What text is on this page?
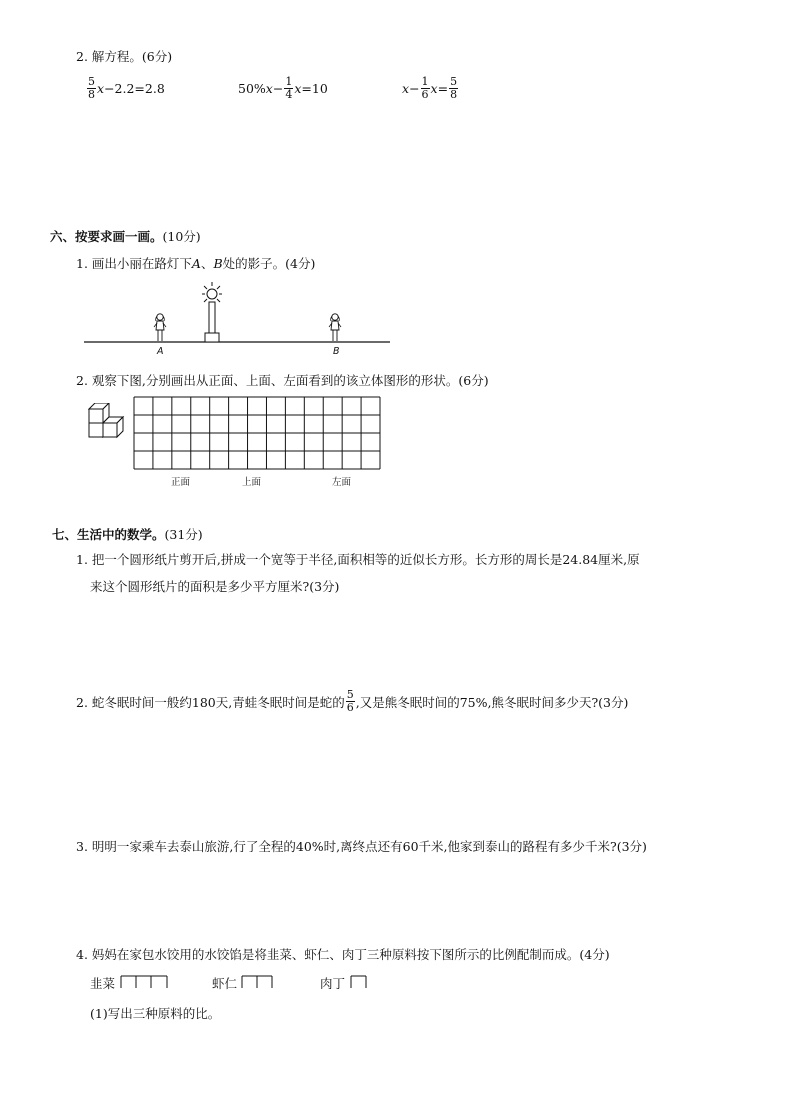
2. 解方程。(6分)
$\frac{5}{8}$ x −2.2=2.8	50% $x - \frac{1}{4}$ x =10	$x - \frac{1}{6}$ $x = \frac{5}{8}$
六、按要求画一画。(10分)
1. 画出小丽在路灯下A、B处的影子。(4分)
A	B
2. 观察下图,分别画出从正面、上面、左面看到的该立体图形的形状。(6分)
正面	上面	左面
七、生活中的数学。(31分)
1. 把一个圆形纸片剪开后,拼成一个宽等于半径,面积相等的近似长方形。长方形的周长是24.84厘米,原
来这个圆形纸片的面积是多少平方厘米?(3分)
2. 蛇冬眠时间一般约180天,青蛙冬眠时间是蛇的 $\frac{5}{6}$ ,又是熊冬眠时间的75%,熊冬眠时间多少天?(3分)
3. 明明一家乘车去泰山旅游,行了全程的40%时,离终点还有60千米,他家到泰山的路程有多少千米?(3分)
4. 妈妈在家包水饺用的水饺馅是将韭菜、虾仁、肉丁三种原料按下图所示的比例配制而成。(4分)
韭菜	虾仁	肉丁
(1)写出三种原料的比。
